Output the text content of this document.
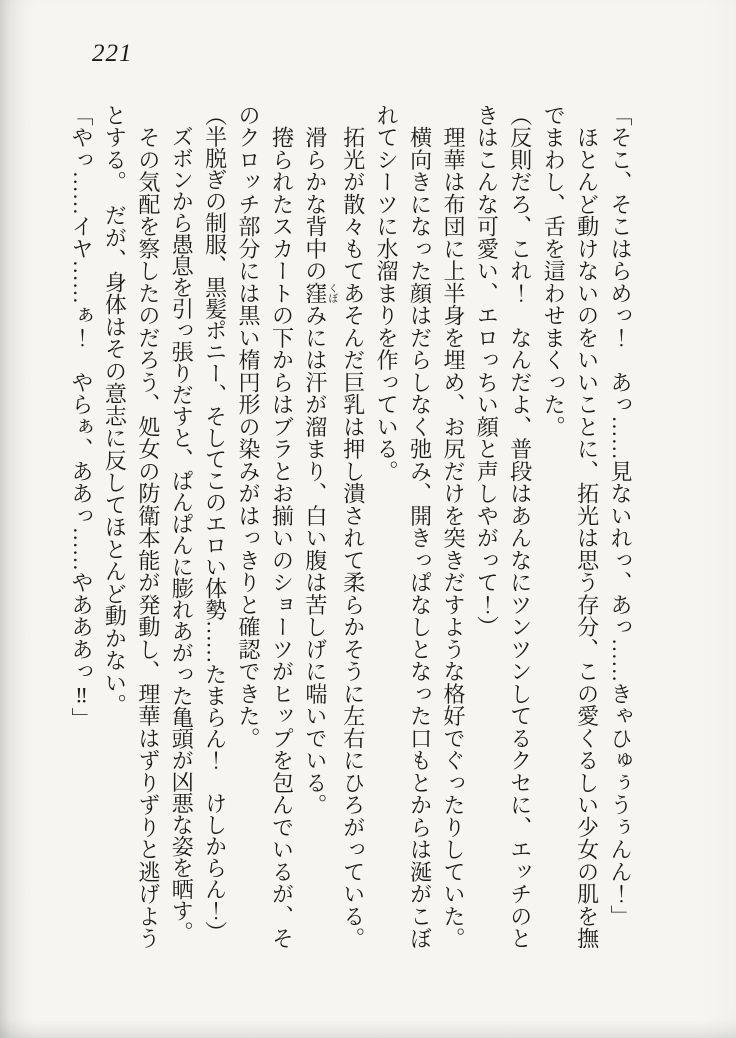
221
「そこ、そこはらめっ！　あっ……見ないれっ、あっ……きゃひゅぅうぅんん！」
　ほとんど動けないのをいいことに、拓光は思う存分、この愛くるしい少女の肌を撫
でまわし、舌を這わせまくった。
（反則だろ、これ！　なんだよ、普段はあんなにツンツンしてるクセに、エッチのと
きはこんな可愛い、エロっちい顔と声しやがって！）
　理華は布団に上半身を埋め、お尻だけを突きだすような格好でぐったりしていた。
　横向きになった顔はだらしなく弛み、開きっぱなしとなった口もとからは涎がこぼ
れてシーツに水溜まりを作っている。
　拓光が散々もてあそんだ巨乳は押し潰されて柔らかそうに左右にひろがっている。
　滑らかな背中の窪くぼみには汗が溜まり、白い腹は苦しげに喘いでいる。
　捲られたスカートの下からはブラとお揃いのショーツがヒップを包んでいるが、そ
のクロッチ部分には黒い楕円形の染みがはっきりと確認できた。
（半脱ぎの制服、黒髪ポニー、そしてこのエロい体勢……たまらん！　けしからん！）
　ズボンから愚息を引っ張りだすと、ぱんぱんに膨れあがった亀頭が凶悪な姿を晒す。
　その気配を察したのだろう、処女の防衛本能が発動し、理華はずりずりと逃げよう
とする。　だが、身体はその意志に反してほとんど動かない。
「やっ……イヤ……ぁ！　やらぁ、ああっ……やあああっ‼」
